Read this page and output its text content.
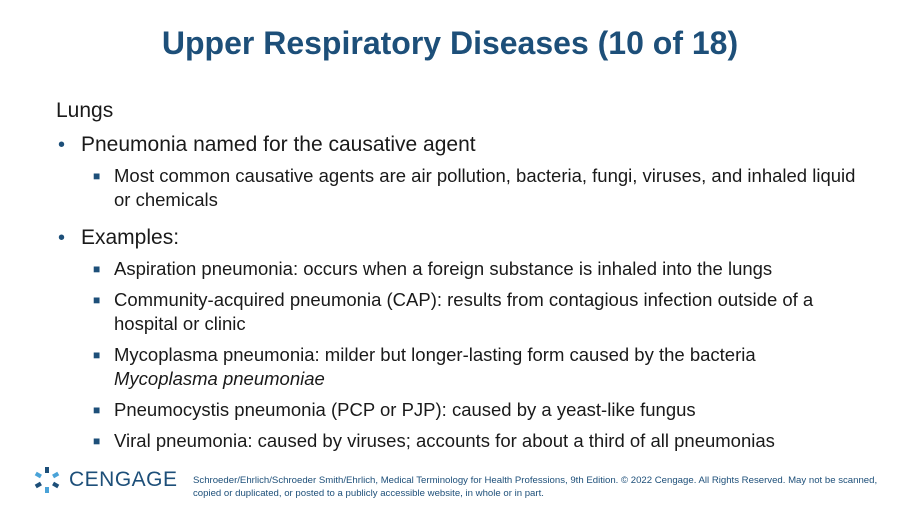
Upper Respiratory Diseases (10 of 18)

Lungs

• Pneumonia named for the causative agent
■ Most common causative agents are air pollution, bacteria, fungi, viruses, and inhaled liquid or chemicals
• Examples:
■ Aspiration pneumonia: occurs when a foreign substance is inhaled into the lungs
■ Community-acquired pneumonia (CAP): results from contagious infection outside of a hospital or clinic
■ Mycoplasma pneumonia: milder but longer-lasting form caused by the bacteria
Mycoplasma pneumoniae
■ Pneumocystis pneumonia (PCP or PJP): caused by a yeast-like fungus
■ Viral pneumonia: caused by viruses; accounts for about a third of all pneumonias
CENGAGE Schroeder/Ehrlich/Schroeder Smith/Ehrlich, Medical Terminology for Health Professions, 9th Edition. © 2022 Cengage. All Rights Reserved. May not be scanned, copied or duplicated, or posted to a publicly accessible website, in whole or in part.
